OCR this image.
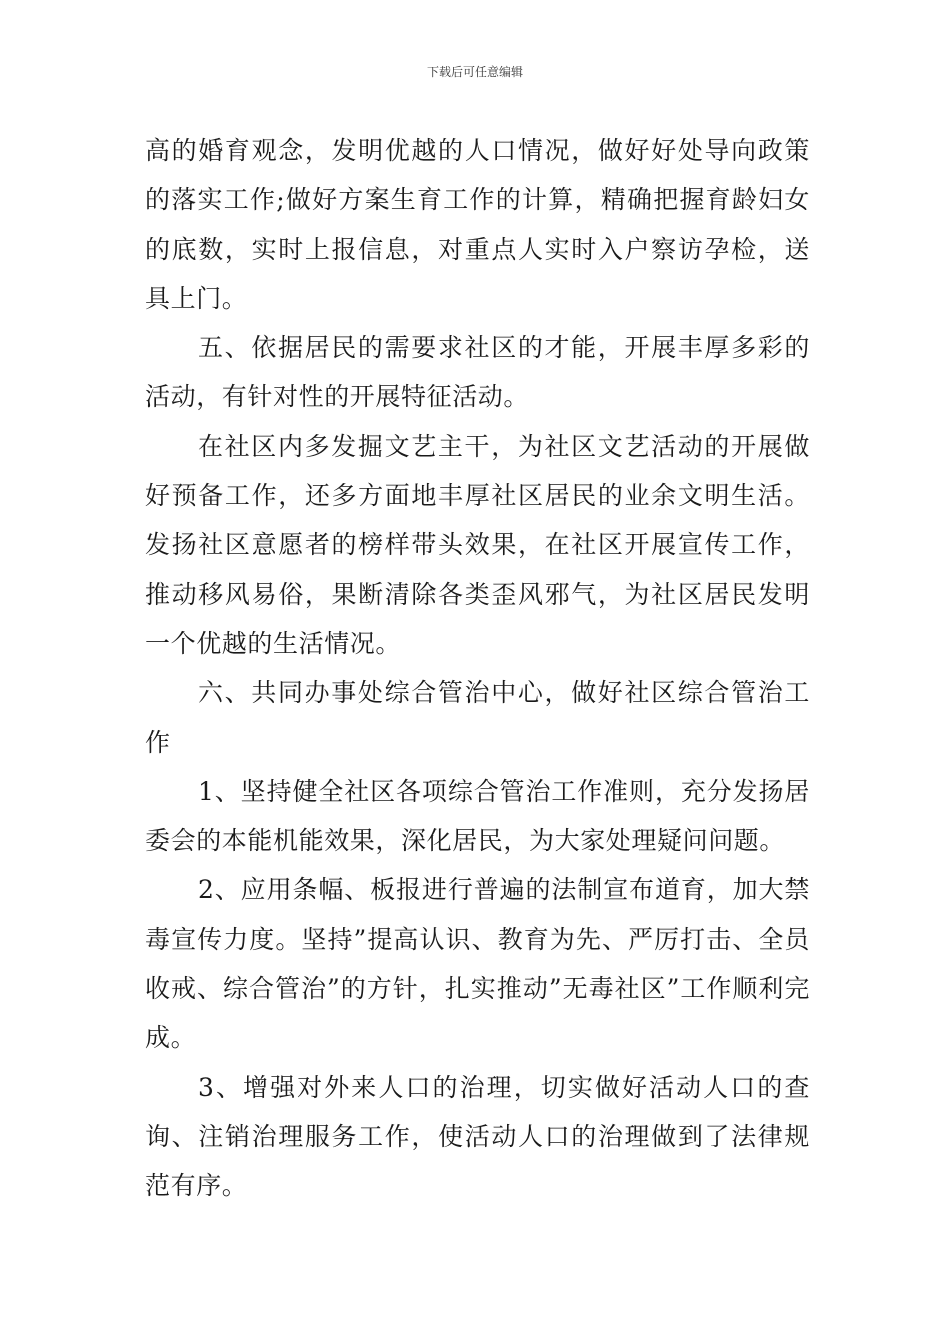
下载后可任意编辑

高的婚育观念，发明优越的人口情况，做好好处导向政策的落实工作;做好方案生育工作的计算，精确把握育龄妇女的底数，实时上报信息，对重点人实时入户察访孕检，送具上门。

五、依据居民的需要求社区的才能，开展丰厚多彩的活动，有针对性的开展特征活动。

在社区内多发掘文艺主干，为社区文艺活动的开展做好预备工作，还多方面地丰厚社区居民的业余文明生活。发扬社区意愿者的榜样带头效果，在社区开展宣传工作，推动移风易俗，果断清除各类歪风邪气，为社区居民发明一个优越的生活情况。

六、共同办事处综合管治中心，做好社区综合管治工作

1、坚持健全社区各项综合管治工作准则，充分发扬居委会的本能机能效果，深化居民，为大家处理疑问问题。

2、应用条幅、板报进行普遍的法制宣布道育，加大禁毒宣传力度。坚持”提高认识、教育为先、严厉打击、全员收戒、综合管治”的方针，扎实推动”无毒社区”工作顺利完成。

3、增强对外来人口的治理，切实做好活动人口的查询、注销治理服务工作，使活动人口的治理做到了法律规范有序。
